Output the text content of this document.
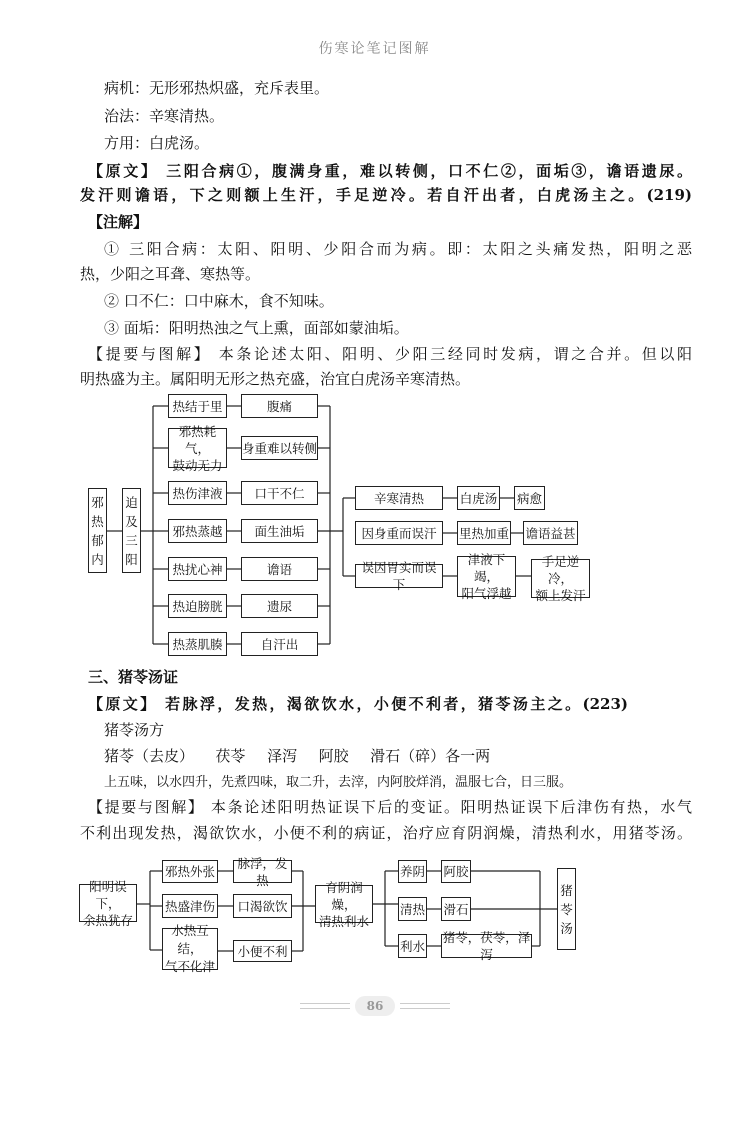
伤寒论笔记图解
病机：无形邪热炽盛，充斥表里。
治法：辛寒清热。
方用：白虎汤。
【原文】 三阳合病①，腹满身重，难以转侧，口不仁②，面垢③，谵语遗尿。
发汗则谵语，下之则额上生汗，手足逆冷。若自汗出者，白虎汤主之。(219)
【注解】
① 三阳合病：太阳、阳明、少阳合而为病。即：太阳之头痛发热，阳明之恶
热，少阳之耳聋、寒热等。
② 口不仁：口中麻木，食不知味。
③ 面垢：阳明热浊之气上熏，面部如蒙油垢。
【提要与图解】 本条论述太阳、阳明、少阳三经同时发病，谓之合并。但以阳
明热盛为主。属阳明无形之热充盛，治宜白虎汤辛寒清热。
邪
热
郁
内
迫
及
三
阳
热结于里
邪热耗气，
鼓动无力
热伤津液
邪热蒸越
热扰心神
热迫膀胱
热蒸肌腠
腹痛
身重难以转侧
口干不仁
面生油垢
谵语
遗尿
自汗出
辛寒清热	白虎汤 病愈
因身重而误汗	里热加重 谵语益甚
误因胃实而误下
津液下竭，
阳气浮越
手足逆冷，
额上发汗
三、猪苓汤证
【原文】 若脉浮，发热，渴欲饮水，小便不利者，猪苓汤主之。(223)
猪苓汤方
猪苓（去皮）  茯苓  泽泻  阿胶  滑石（碎）各一两
上五味，以水四升，先煮四味，取二升，去滓，内阿胶烊消，温服七合，日三服。
【提要与图解】 本条论述阳明热证误下后的变证。阳明热证误下后津伤有热，水气
不利出现发热，渴欲饮水，小便不利的病证，治疗应育阴润燥，清热利水，用猪苓汤。
阳明误下，
余热犹存
邪热外张
热盛津伤
水热互结，
气不化津
脉浮，发热
口渴欲饮
小便不利
育阴润燥，
清热利水
养阴
清热
利水
阿胶
滑石
猪苓，茯苓，泽泻
猪
苓
汤
86
